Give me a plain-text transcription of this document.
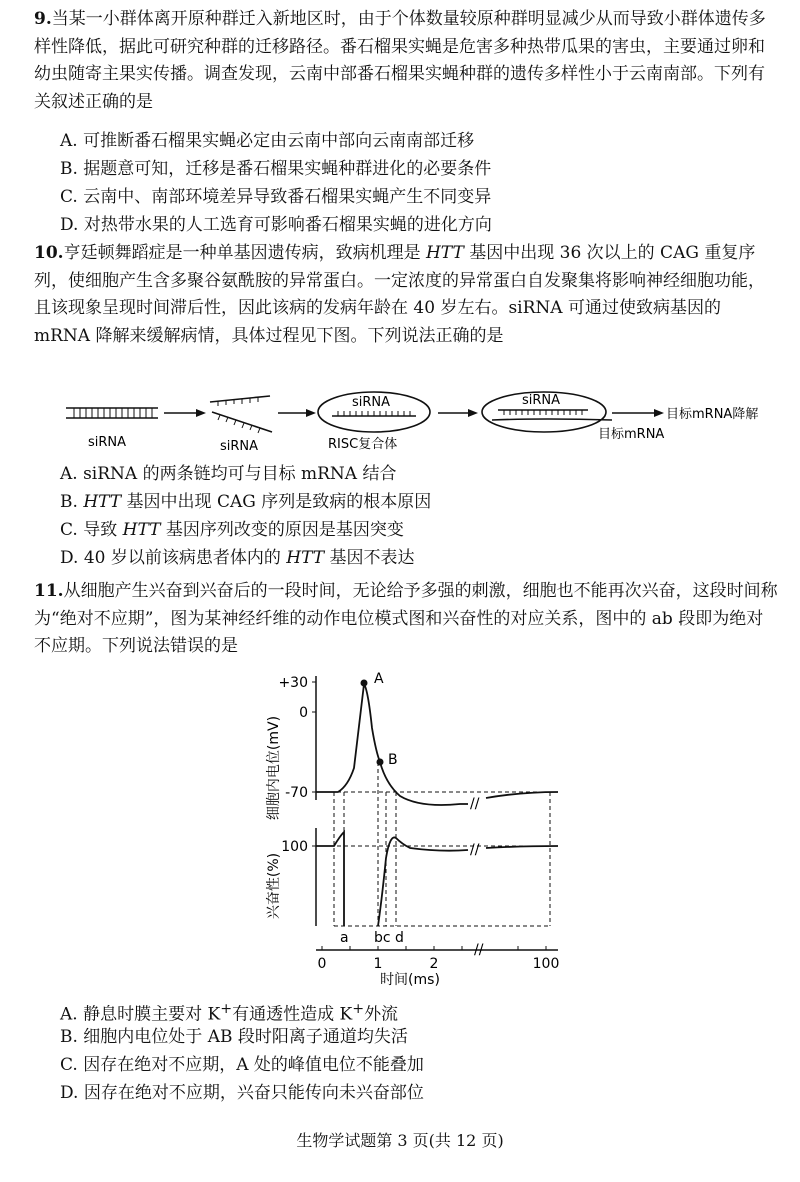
9.当某一小群体离开原种群迁入新地区时，由于个体数量较原种群明显减少从而导致小群体遗传多样性降低，据此可研究种群的迁移路径。番石榴果实蝇是危害多种热带瓜果的害虫，主要通过卵和幼虫随寄主果实传播。调查发现，云南中部番石榴果实蝇种群的遗传多样性小于云南南部。下列有关叙述正确的是
A. 可推断番石榴果实蝇必定由云南中部向云南南部迁移
B. 据题意可知，迁移是番石榴果实蝇种群进化的必要条件
C. 云南中、南部环境差异导致番石榴果实蝇产生不同变异
D. 对热带水果的人工选育可影响番石榴果实蝇的进化方向
10.亨廷顿舞蹈症是一种单基因遗传病，致病机理是 HTT 基因中出现 36 次以上的 CAG 重复序列，使细胞产生含多聚谷氨酰胺的异常蛋白。一定浓度的异常蛋白自发聚集将影响神经细胞功能，且该现象呈现时间滞后性，因此该病的发病年龄在 40 岁左右。siRNA 可通过使致病基因的 mRNA 降解来缓解病情，具体过程见下图。下列说法正确的是
siRNA	siRNA
siRNA
RISC复合体
siRNA
目标mRNA
目标mRNA降解
A. siRNA 的两条链均可与目标 mRNA 结合
B. HTT 基因中出现 CAG 序列是致病的根本原因
C. 导致 HTT 基因序列改变的原因是基因突变
D. 40 岁以前该病患者体内的 HTT 基因不表达
11.从细胞产生兴奋到兴奋后的一段时间，无论给予多强的刺激，细胞也不能再次兴奋，这段时间称为“绝对不应期”，图为某神经纤维的动作电位模式图和兴奋性的对应关系，图中的 ab 段即为绝对不应期。下列说法错误的是
细胞内电位(mV)
兴奋性(%)
+30
0
-70
//
A
B
100	//
a bc d
//
0	1	2	100
时间(ms)
A. 静息时膜主要对 K+有通透性造成 K+外流
B. 细胞内电位处于 AB 段时阳离子通道均失活
C. 因存在绝对不应期，A 处的峰值电位不能叠加
D. 因存在绝对不应期，兴奋只能传向未兴奋部位
生物学试题第 3 页(共 12 页)
